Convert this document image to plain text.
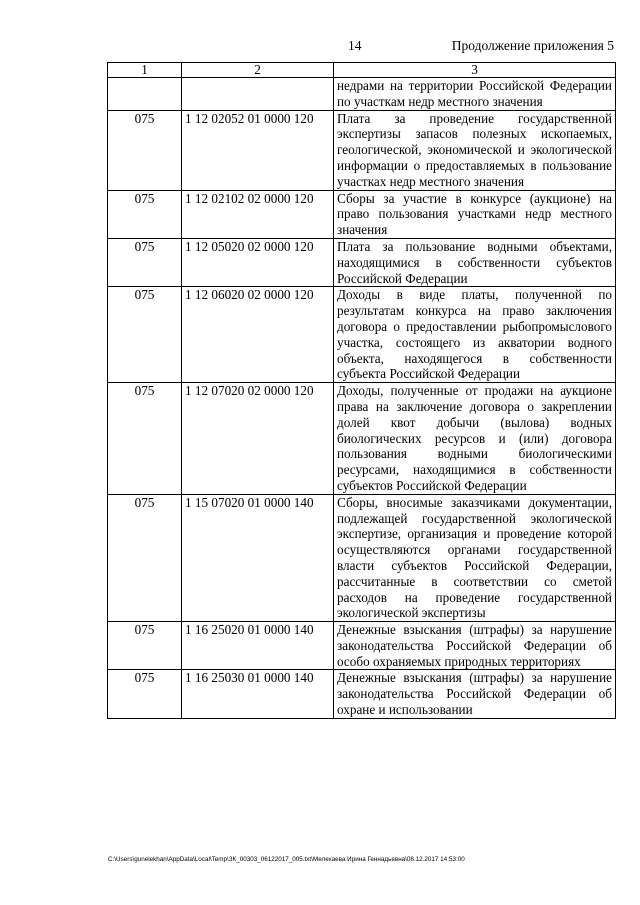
14	Продолжение приложения 5
1	2	3
		недрами на территории Российской Федерации по участкам недр местного значения
075	1 12 02052 01 0000 120	Плата за проведение государственной экспертизы запасов полезных ископаемых, геологической, экономической и экологической информации о предоставляемых в пользование участках недр местного значения
075	1 12 02102 02 0000 120	Сборы за участие в конкурсе (аукционе) на право пользования участками недр местного значения
075	1 12 05020 02 0000 120	Плата за пользование водными объектами, находящимися в собственности субъектов Российской Федерации
075	1 12 06020 02 0000 120	Доходы в виде платы, полученной по результатам конкурса на право заключения договора о предоставлении рыбопромыслового участка, состоящего из акватории водного объекта, находящегося в собственности субъекта Российской Федерации
075	1 12 07020 02 0000 120	Доходы, полученные от продажи на аукционе права на заключение договора о закреплении долей квот добычи (вылова) водных биологических ресурсов и (или) договора пользования водными биологическими ресурсами, находящимися в собственности субъектов Российской Федерации
075	1 15 07020 01 0000 140	Сборы, вносимые заказчиками документации, подлежащей государственной экологической экспертизе, организация и проведение которой осуществляются органами государственной власти субъектов Российской Федерации, рассчитанные в соответствии со сметой расходов на проведение государственной экологической экспертизы
075	1 16 25020 01 0000 140	Денежные взыскания (штрафы) за нарушение законодательства Российской Федерации об особо охраняемых природных территориях
075	1 16 25030 01 0000 140	Денежные взыскания (штрафы) за нарушение законодательства Российской Федерации об охране и использовании
C:\Users\gunelekhan\AppData\Local\Temp\ЗК_00303_06122017_005.txt\Мелехаева Ирина Геннадьевна\08.12.2017 14:53:00
